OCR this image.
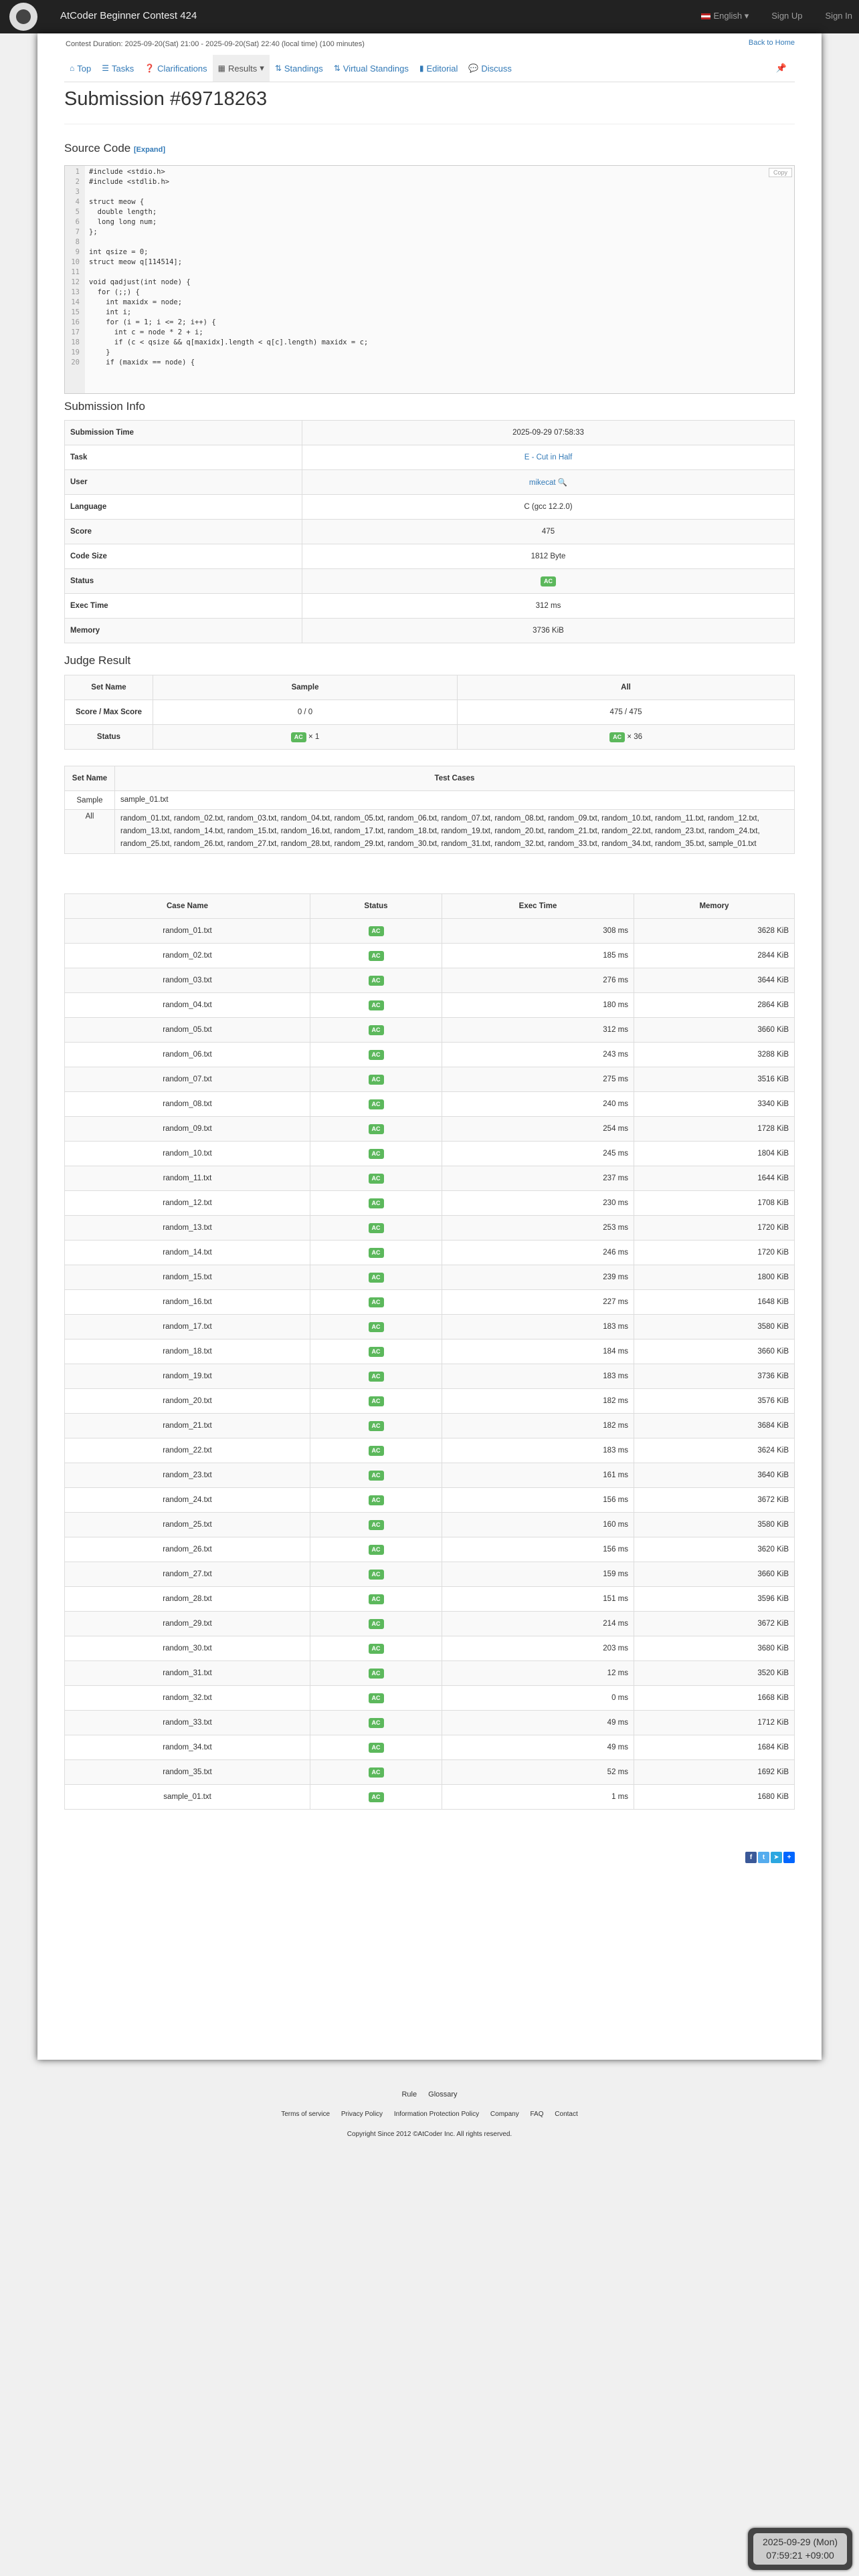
AtCoder Beginner Contest 424	English ▾	Sign Up	Sign In
Contest Duration: 2025-09-20(Sat) 21:00 - 2025-09-20(Sat) 22:40 (local time) (100 minutes)	Back to Home
⌂ Top ☰ Tasks ❓ Clarifications ▦ Results ▾ ⇅ Standings ⇅ Virtual Standings ▮ Editorial 💬 Discuss	📌
Submission #69718263
Source Code [Expand]
1 #include <stdio.h>
2 #include <stdlib.h>
3
4 struct meow {
5  double length;
6  long long num;
7 };
8
9 int qsize = 0;
10 struct meow q[114514];
11
12 void qadjust(int node) {
13  for (;;) {
14    int maxidx = node;
15    int i;
16    for (i = 1; i <= 2; i++) {
17      int c = node * 2 + i;
18      if (c < qsize && q[maxidx].length < q[c].length) maxidx = c;
19    }
20    if (maxidx == node) {
Copy
Submission Info
Submission Time	2025-09-29 07:58:33
Task	E - Cut in Half
User	mikecat 🔍
Language	C (gcc 12.2.0)
Score	475
Code Size	1812 Byte
Status	AC
Exec Time	312 ms
Memory	3736 KiB
Judge Result
Set Name	Sample	All
Score / Max Score	0 / 0	475 / 475
Status	AC × 1	AC × 36
Set Name	Test Cases
Sample	sample_01.txt
All	random_01.txt, random_02.txt, random_03.txt, random_04.txt, random_05.txt, random_06.txt, random_07.txt, random_08.txt, random_09.txt, random_10.txt, random_11.txt, random_12.txt, random_13.txt, random_14.txt, random_15.txt, random_16.txt, random_17.txt, random_18.txt, random_19.txt, random_20.txt, random_21.txt, random_22.txt, random_23.txt, random_24.txt, random_25.txt, random_26.txt, random_27.txt, random_28.txt, random_29.txt, random_30.txt, random_31.txt, random_32.txt, random_33.txt, random_34.txt, random_35.txt, sample_01.txt
Case Name	Status	Exec Time	Memory
random_01.txt	AC	308 ms	3628 KiB
random_02.txt	AC	185 ms	2844 KiB
random_03.txt	AC	276 ms	3644 KiB
random_04.txt	AC	180 ms	2864 KiB
random_05.txt	AC	312 ms	3660 KiB
random_06.txt	AC	243 ms	3288 KiB
random_07.txt	AC	275 ms	3516 KiB
random_08.txt	AC	240 ms	3340 KiB
random_09.txt	AC	254 ms	1728 KiB
random_10.txt	AC	245 ms	1804 KiB
random_11.txt	AC	237 ms	1644 KiB
random_12.txt	AC	230 ms	1708 KiB
random_13.txt	AC	253 ms	1720 KiB
random_14.txt	AC	246 ms	1720 KiB
random_15.txt	AC	239 ms	1800 KiB
random_16.txt	AC	227 ms	1648 KiB
random_17.txt	AC	183 ms	3580 KiB
random_18.txt	AC	184 ms	3660 KiB
random_19.txt	AC	183 ms	3736 KiB
random_20.txt	AC	182 ms	3576 KiB
random_21.txt	AC	182 ms	3684 KiB
random_22.txt	AC	183 ms	3624 KiB
random_23.txt	AC	161 ms	3640 KiB
random_24.txt	AC	156 ms	3672 KiB
random_25.txt	AC	160 ms	3580 KiB
random_26.txt	AC	156 ms	3620 KiB
random_27.txt	AC	159 ms	3660 KiB
random_28.txt	AC	151 ms	3596 KiB
random_29.txt	AC	214 ms	3672 KiB
random_30.txt	AC	203 ms	3680 KiB
random_31.txt	AC	12 ms	3520 KiB
random_32.txt	AC	0 ms	1668 KiB
random_33.txt	AC	49 ms	1712 KiB
random_34.txt	AC	49 ms	1684 KiB
random_35.txt	AC	52 ms	1692 KiB
sample_01.txt	AC	1 ms	1680 KiB
f	t	➤	+
Rule Glossary
Terms of service Privacy Policy Information Protection Policy Company FAQ Contact
Copyright Since 2012 ©AtCoder Inc. All rights reserved.
2025-09-29 (Mon)
07:59:21 +09:00
